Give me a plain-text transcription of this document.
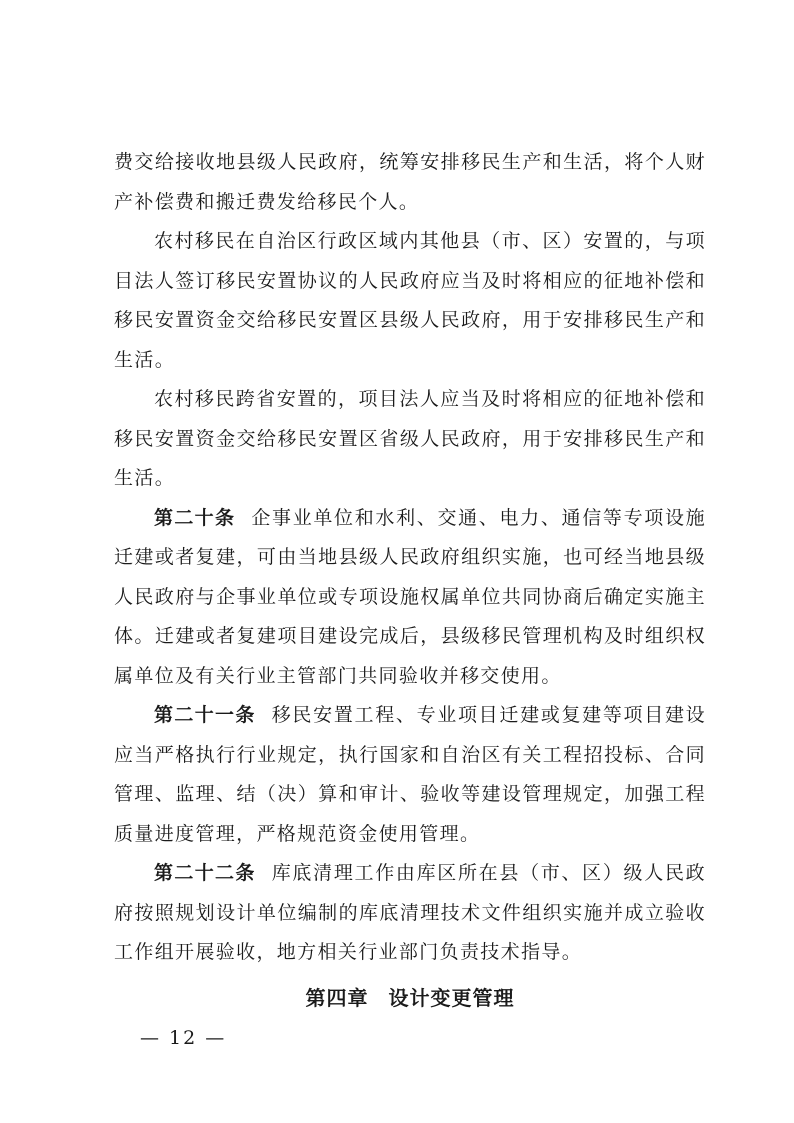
费交给接收地县级人民政府，统筹安排移民生产和生活，将个人财产补偿费和搬迁费发给移民个人。

农村移民在自治区行政区域内其他县（市、区）安置的，与项目法人签订移民安置协议的人民政府应当及时将相应的征地补偿和移民安置资金交给移民安置区县级人民政府，用于安排移民生产和生活。

农村移民跨省安置的，项目法人应当及时将相应的征地补偿和移民安置资金交给移民安置区省级人民政府，用于安排移民生产和生活。

第二十条 企事业单位和水利、交通、电力、通信等专项设施迁建或者复建，可由当地县级人民政府组织实施，也可经当地县级人民政府与企事业单位或专项设施权属单位共同协商后确定实施主体。迁建或者复建项目建设完成后，县级移民管理机构及时组织权属单位及有关行业主管部门共同验收并移交使用。

第二十一条 移民安置工程、专业项目迁建或复建等项目建设应当严格执行行业规定，执行国家和自治区有关工程招投标、合同管理、监理、结（决）算和审计、验收等建设管理规定，加强工程质量进度管理，严格规范资金使用管理。

第二十二条 库底清理工作由库区所在县（市、区）级人民政府按照规划设计单位编制的库底清理技术文件组织实施并成立验收工作组开展验收，地方相关行业部门负责技术指导。

第四章 设计变更管理
— 12 —
